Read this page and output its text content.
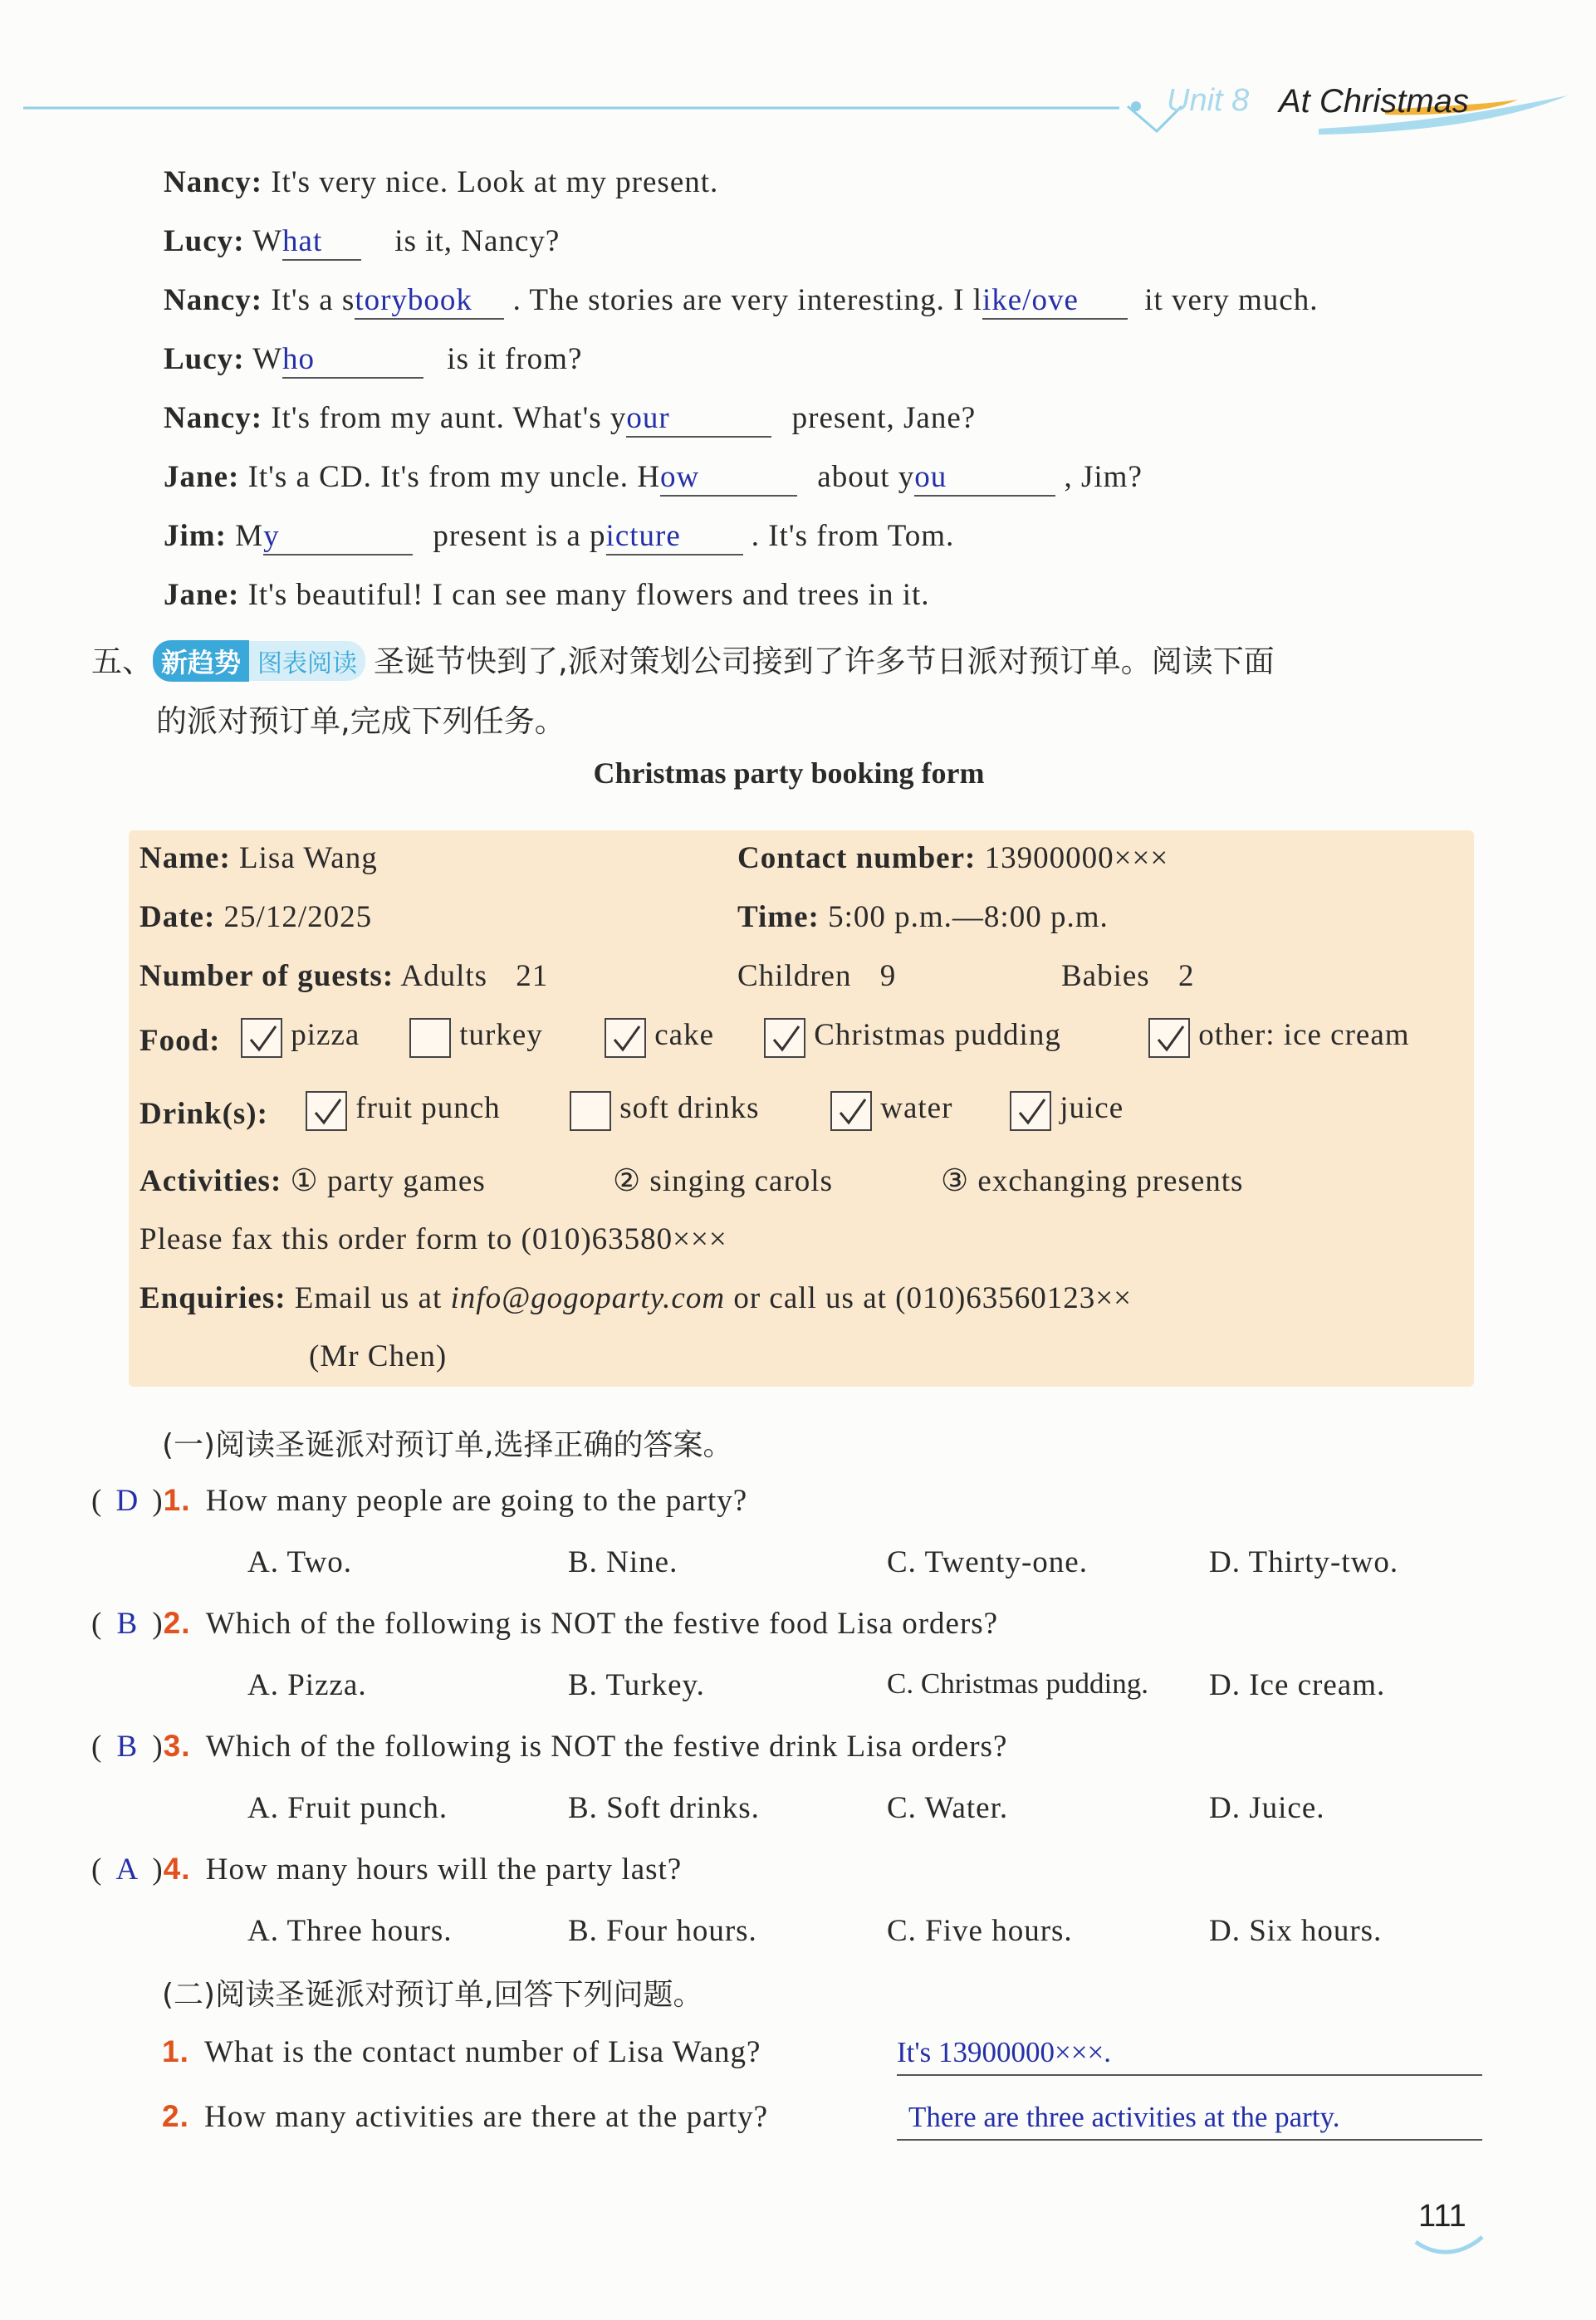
Unit 8 At Christmas
Nancy: It's very nice. Look at my present.
Lucy: What is it, Nancy?
Nancy: It's a storybook . The stories are very interesting. I like/ove it very much.
Lucy: Who	is it from?
Nancy: It's from my aunt. What's your	present, Jane?
Jane: It's a CD. It's from my uncle. How	about you	, Jim?
Jim: My	present is a picture . It's from Tom.
Jane: It's beautiful! I can see many flowers and trees in it.
五、 新趋势 图表阅读 圣诞节快到了,派对策划公司接到了许多节日派对预订单。阅读下面
的派对预订单,完成下列任务。
Christmas party booking form
Name: Lisa Wang	Contact number: 13900000×××
Date: 25/12/2025	Time: 5:00 p.m.—8:00 p.m.
Number of guests: Adults 21	Children 9	Babies 2
Food:	pizza	turkey	cake	Christmas pudding	other: ice cream
Drink(s):	fruit punch	soft drinks	water	juice
Activities: ① party games	② singing carols	③ exchanging presents
Please fax this order form to (010)63580×××
Enquiries: Email us at info@gogoparty.com or call us at (010)63560123××
(Mr Chen)
(一)阅读圣诞派对预订单,选择正确的答案。
( D )1. How many people are going to the party?
A. Two.	B. Nine.	C. Twenty-one.	D. Thirty-two.
( B )2. Which of the following is NOT the festive food Lisa orders?
A. Pizza.	B. Turkey.	C. Christmas pudding. D. Ice cream.
( B )3. Which of the following is NOT the festive drink Lisa orders?
A. Fruit punch.	B. Soft drinks.	C. Water.	D. Juice.
( A )4. How many hours will the party last?
A. Three hours.	B. Four hours.	C. Five hours.	D. Six hours.
(二)阅读圣诞派对预订单,回答下列问题。
1. What is the contact number of Lisa Wang?	It's 13900000×××.
2. How many activities are there at the party?	There are three activities at the party.
111
